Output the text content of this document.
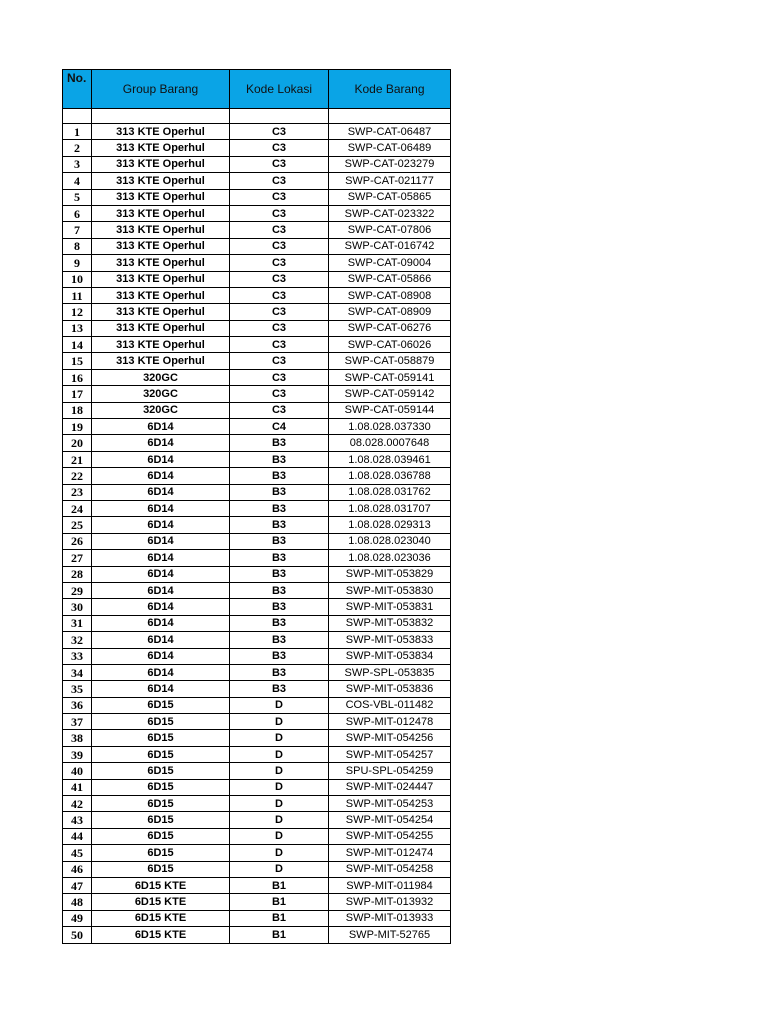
No.	Group Barang	Kode Lokasi	Kode Barang

1	313 KTE Operhul	C3	SWP-CAT-06487
2	313 KTE Operhul	C3	SWP-CAT-06489
3	313 KTE Operhul	C3	SWP-CAT-023279
4	313 KTE Operhul	C3	SWP-CAT-021177
5	313 KTE Operhul	C3	SWP-CAT-05865
6	313 KTE Operhul	C3	SWP-CAT-023322
7	313 KTE Operhul	C3	SWP-CAT-07806
8	313 KTE Operhul	C3	SWP-CAT-016742
9	313 KTE Operhul	C3	SWP-CAT-09004
10	313 KTE Operhul	C3	SWP-CAT-05866
11	313 KTE Operhul	C3	SWP-CAT-08908
12	313 KTE Operhul	C3	SWP-CAT-08909
13	313 KTE Operhul	C3	SWP-CAT-06276
14	313 KTE Operhul	C3	SWP-CAT-06026
15	313 KTE Operhul	C3	SWP-CAT-058879
16	320GC	C3	SWP-CAT-059141
17	320GC	C3	SWP-CAT-059142
18	320GC	C3	SWP-CAT-059144
19	6D14	C4	1.08.028.037330
20	6D14	B3	08.028.0007648
21	6D14	B3	1.08.028.039461
22	6D14	B3	1.08.028.036788
23	6D14	B3	1.08.028.031762
24	6D14	B3	1.08.028.031707
25	6D14	B3	1.08.028.029313
26	6D14	B3	1.08.028.023040
27	6D14	B3	1.08.028.023036
28	6D14	B3	SWP-MIT-053829
29	6D14	B3	SWP-MIT-053830
30	6D14	B3	SWP-MIT-053831
31	6D14	B3	SWP-MIT-053832
32	6D14	B3	SWP-MIT-053833
33	6D14	B3	SWP-MIT-053834
34	6D14	B3	SWP-SPL-053835
35	6D14	B3	SWP-MIT-053836
36	6D15	D	COS-VBL-011482
37	6D15	D	SWP-MIT-012478
38	6D15	D	SWP-MIT-054256
39	6D15	D	SWP-MIT-054257
40	6D15	D	SPU-SPL-054259
41	6D15	D	SWP-MIT-024447
42	6D15	D	SWP-MIT-054253
43	6D15	D	SWP-MIT-054254
44	6D15	D	SWP-MIT-054255
45	6D15	D	SWP-MIT-012474
46	6D15	D	SWP-MIT-054258
47	6D15 KTE	B1	SWP-MIT-011984
48	6D15 KTE	B1	SWP-MIT-013932
49	6D15 KTE	B1	SWP-MIT-013933
50	6D15 KTE	B1	SWP-MIT-52765
